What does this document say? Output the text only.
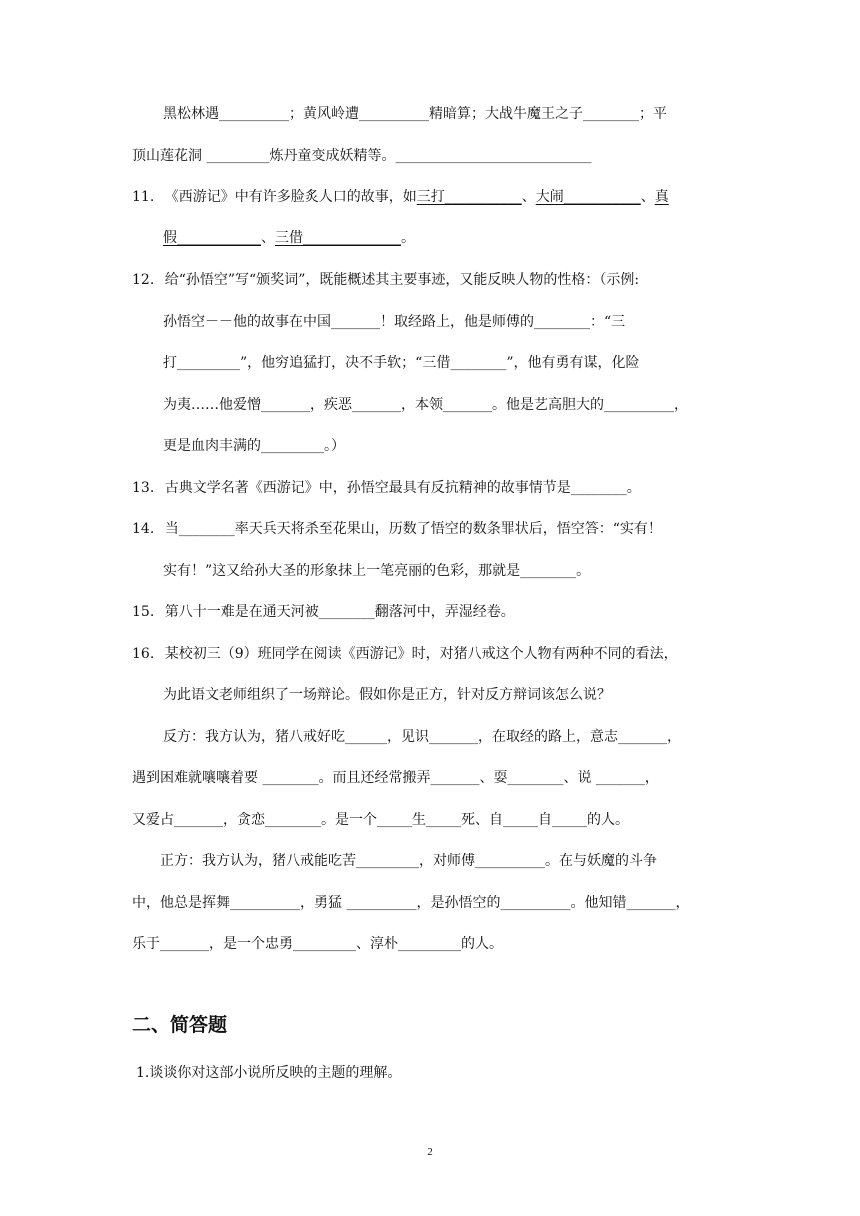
黑松林遇__________；黄风岭遭__________精暗算；大战牛魔王之子________；平
顶山莲花洞 _________炼丹童变成妖精等。____________________________
11. 《西游记》中有许多脸炙人口的故事，如三打___________、大闹___________、真
假____________、三借______________。
12. 给“孙悟空”写“颁奖词”，既能概述其主要事迹，又能反映人物的性格：（示例:
孙悟空－－他的故事在中国_______！取经路上，他是师傅的________：“三
打_________”，他穷追猛打，决不手软；“三借________”，他有勇有谋，化险
为夷……他爱憎_______，疾恶_______，本领_______。他是艺高胆大的__________，
更是血肉丰满的_________。）
13. 古典文学名著《西游记》中，孙悟空最具有反抗精神的故事情节是________。
14. 当________率天兵天将杀至花果山，历数了悟空的数条罪状后，悟空答：“实有！
实有！”这又给孙大圣的形象抹上一笔亮丽的色彩，那就是________。
15. 第八十一难是在通天河被________翻落河中，弄湿经卷。
16. 某校初三（9）班同学在阅读《西游记》时，对猪八戒这个人物有两种不同的看法，
为此语文老师组织了一场辩论。假如你是正方，针对反方辩词该怎么说？
反方：我方认为，猪八戒好吃______，见识_______，在取经的路上，意志_______，
遇到困难就嚷嚷着要 ________。而且还经常搬弄_______、耍________、说 _______，
又爱占_______，贪恋________。是一个_____生_____死、自_____自_____的人。
正方：我方认为，猪八戒能吃苦_________，对师傅__________。在与妖魔的斗争
中，他总是挥舞__________，勇猛 __________，是孙悟空的__________。他知错_______，
乐于_______，是一个忠勇_________、淳朴_________的人。
二、简答题
1.谈谈你对这部小说所反映的主题的理解。
2
